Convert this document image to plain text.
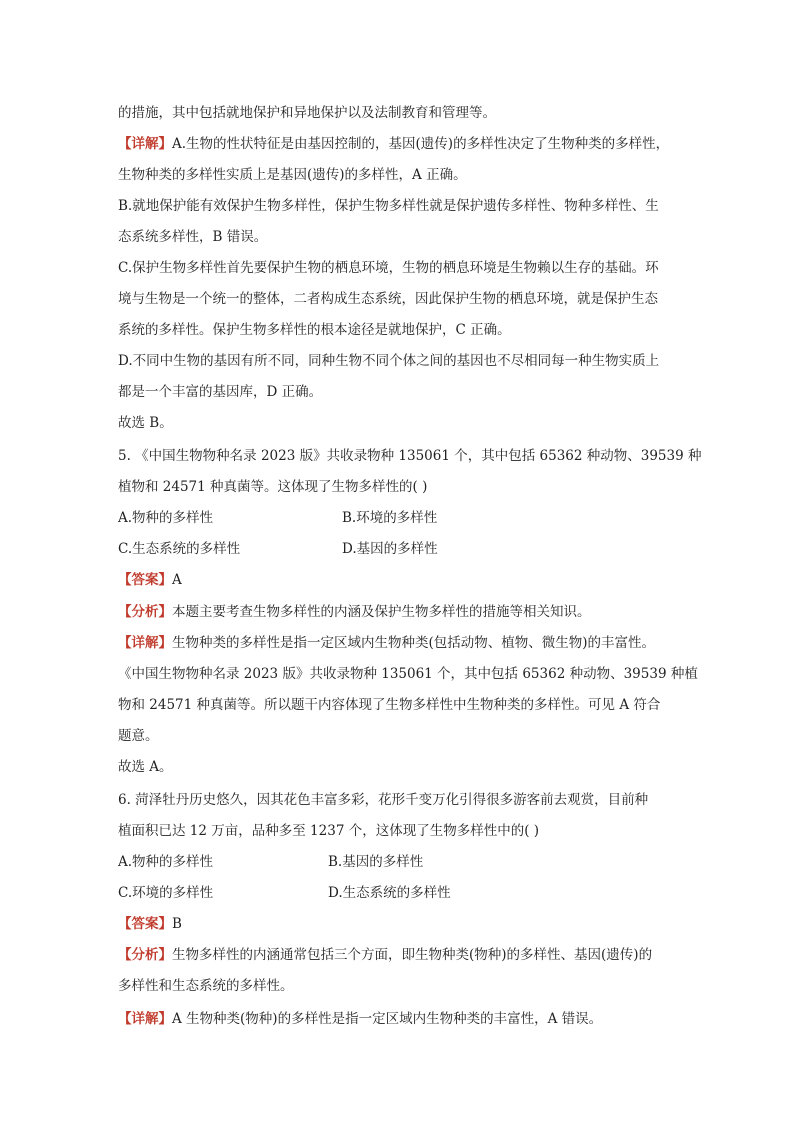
的措施，其中包括就地保护和异地保护以及法制教育和管理等。
【详解】A.生物的性状特征是由基因控制的，基因(遗传)的多样性决定了生物种类的多样性，
生物种类的多样性实质上是基因(遗传)的多样性，A 正确。
B.就地保护能有效保护生物多样性，保护生物多样性就是保护遗传多样性、物种多样性、生
态系统多样性，B 错误。
C.保护生物多样性首先要保护生物的栖息环境，生物的栖息环境是生物赖以生存的基础。环
境与生物是一个统一的整体，二者构成生态系统，因此保护生物的栖息环境，就是保护生态
系统的多样性。保护生物多样性的根本途径是就地保护，C 正确。
D.不同中生物的基因有所不同，同种生物不同个体之间的基因也不尽相同每一种生物实质上
都是一个丰富的基因库，D 正确。
故选 B。
5. 《中国生物物种名录 2023 版》共收录物种 135061 个，其中包括 65362 种动物、39539 种
植物和 24571 种真菌等。这体现了生物多样性的( )
A.物种的多样性	B.环境的多样性
C.生态系统的多样性	D.基因的多样性
【答案】A
【分析】本题主要考查生物多样性的内涵及保护生物多样性的措施等相关知识。
【详解】生物种类的多样性是指一定区域内生物种类(包括动物、植物、微生物)的丰富性。
《中国生物物种名录 2023 版》共收录物种 135061 个，其中包括 65362 种动物、39539 种植
物和 24571 种真菌等。所以题干内容体现了生物多样性中生物种类的多样性。可见 A 符合
题意。
故选 A。
6. 菏泽牡丹历史悠久，因其花色丰富多彩，花形千变万化引得很多游客前去观赏，目前种
植面积已达 12 万亩，品种多至 1237 个，这体现了生物多样性中的( )
A.物种的多样性	B.基因的多样性
C.环境的多样性	D.生态系统的多样性
【答案】B
【分析】生物多样性的内涵通常包括三个方面，即生物种类(物种)的多样性、基因(遗传)的
多样性和生态系统的多样性。
【详解】A 生物种类(物种)的多样性是指一定区域内生物种类的丰富性，A 错误。
